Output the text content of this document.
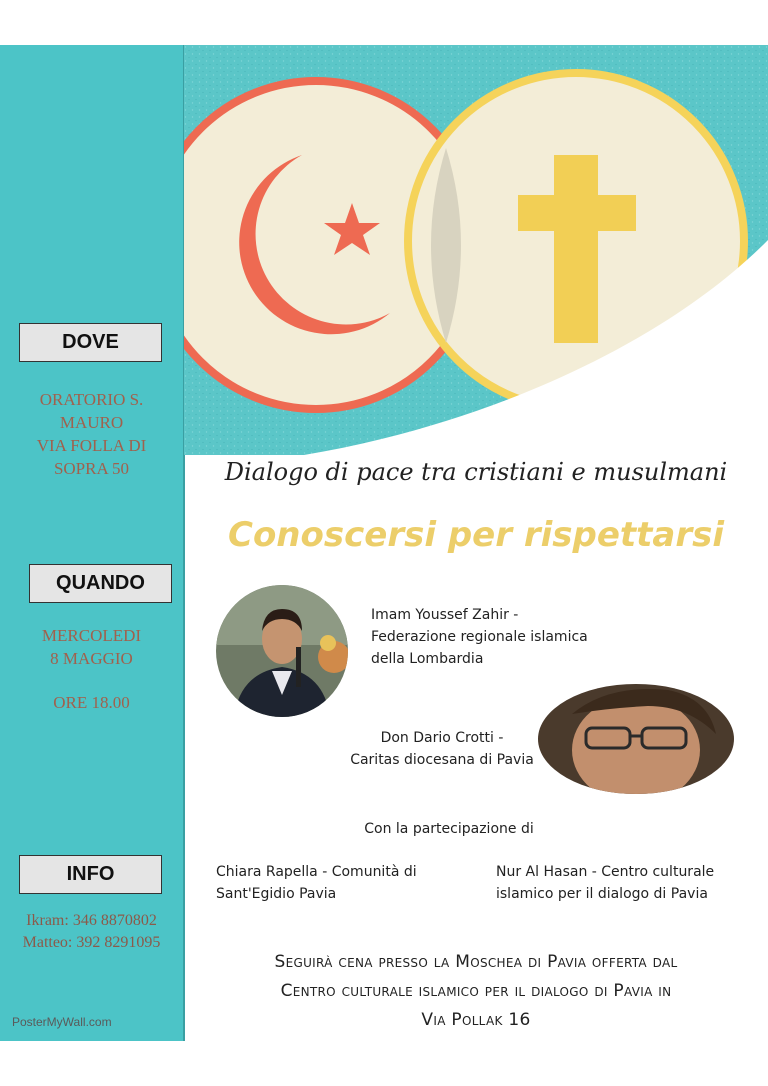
DOVE
ORATORIO S.
MAURO
VIA FOLLA DI
SOPRA 50
QUANDO
MERCOLEDI
8 MAGGIO
ORE 18.00
INFO
Ikram: 346 8870802
Matteo: 392 8291095
PosterMyWall.com
Dialogo di pace tra cristiani e musulmani
Conoscersi per rispettarsi
Imam Youssef Zahir -
Federazione regionale islamica
della Lombardia
Don Dario Crotti -
Caritas diocesana di Pavia
Con la partecipazione di
Chiara Rapella - Comunità di
Sant'Egidio Pavia
Nur Al Hasan - Centro culturale
islamico per il dialogo di Pavia
Seguirà cena presso la Moschea di Pavia offerta dal
Centro culturale islamico per il dialogo di Pavia in
Via Pollak 16
